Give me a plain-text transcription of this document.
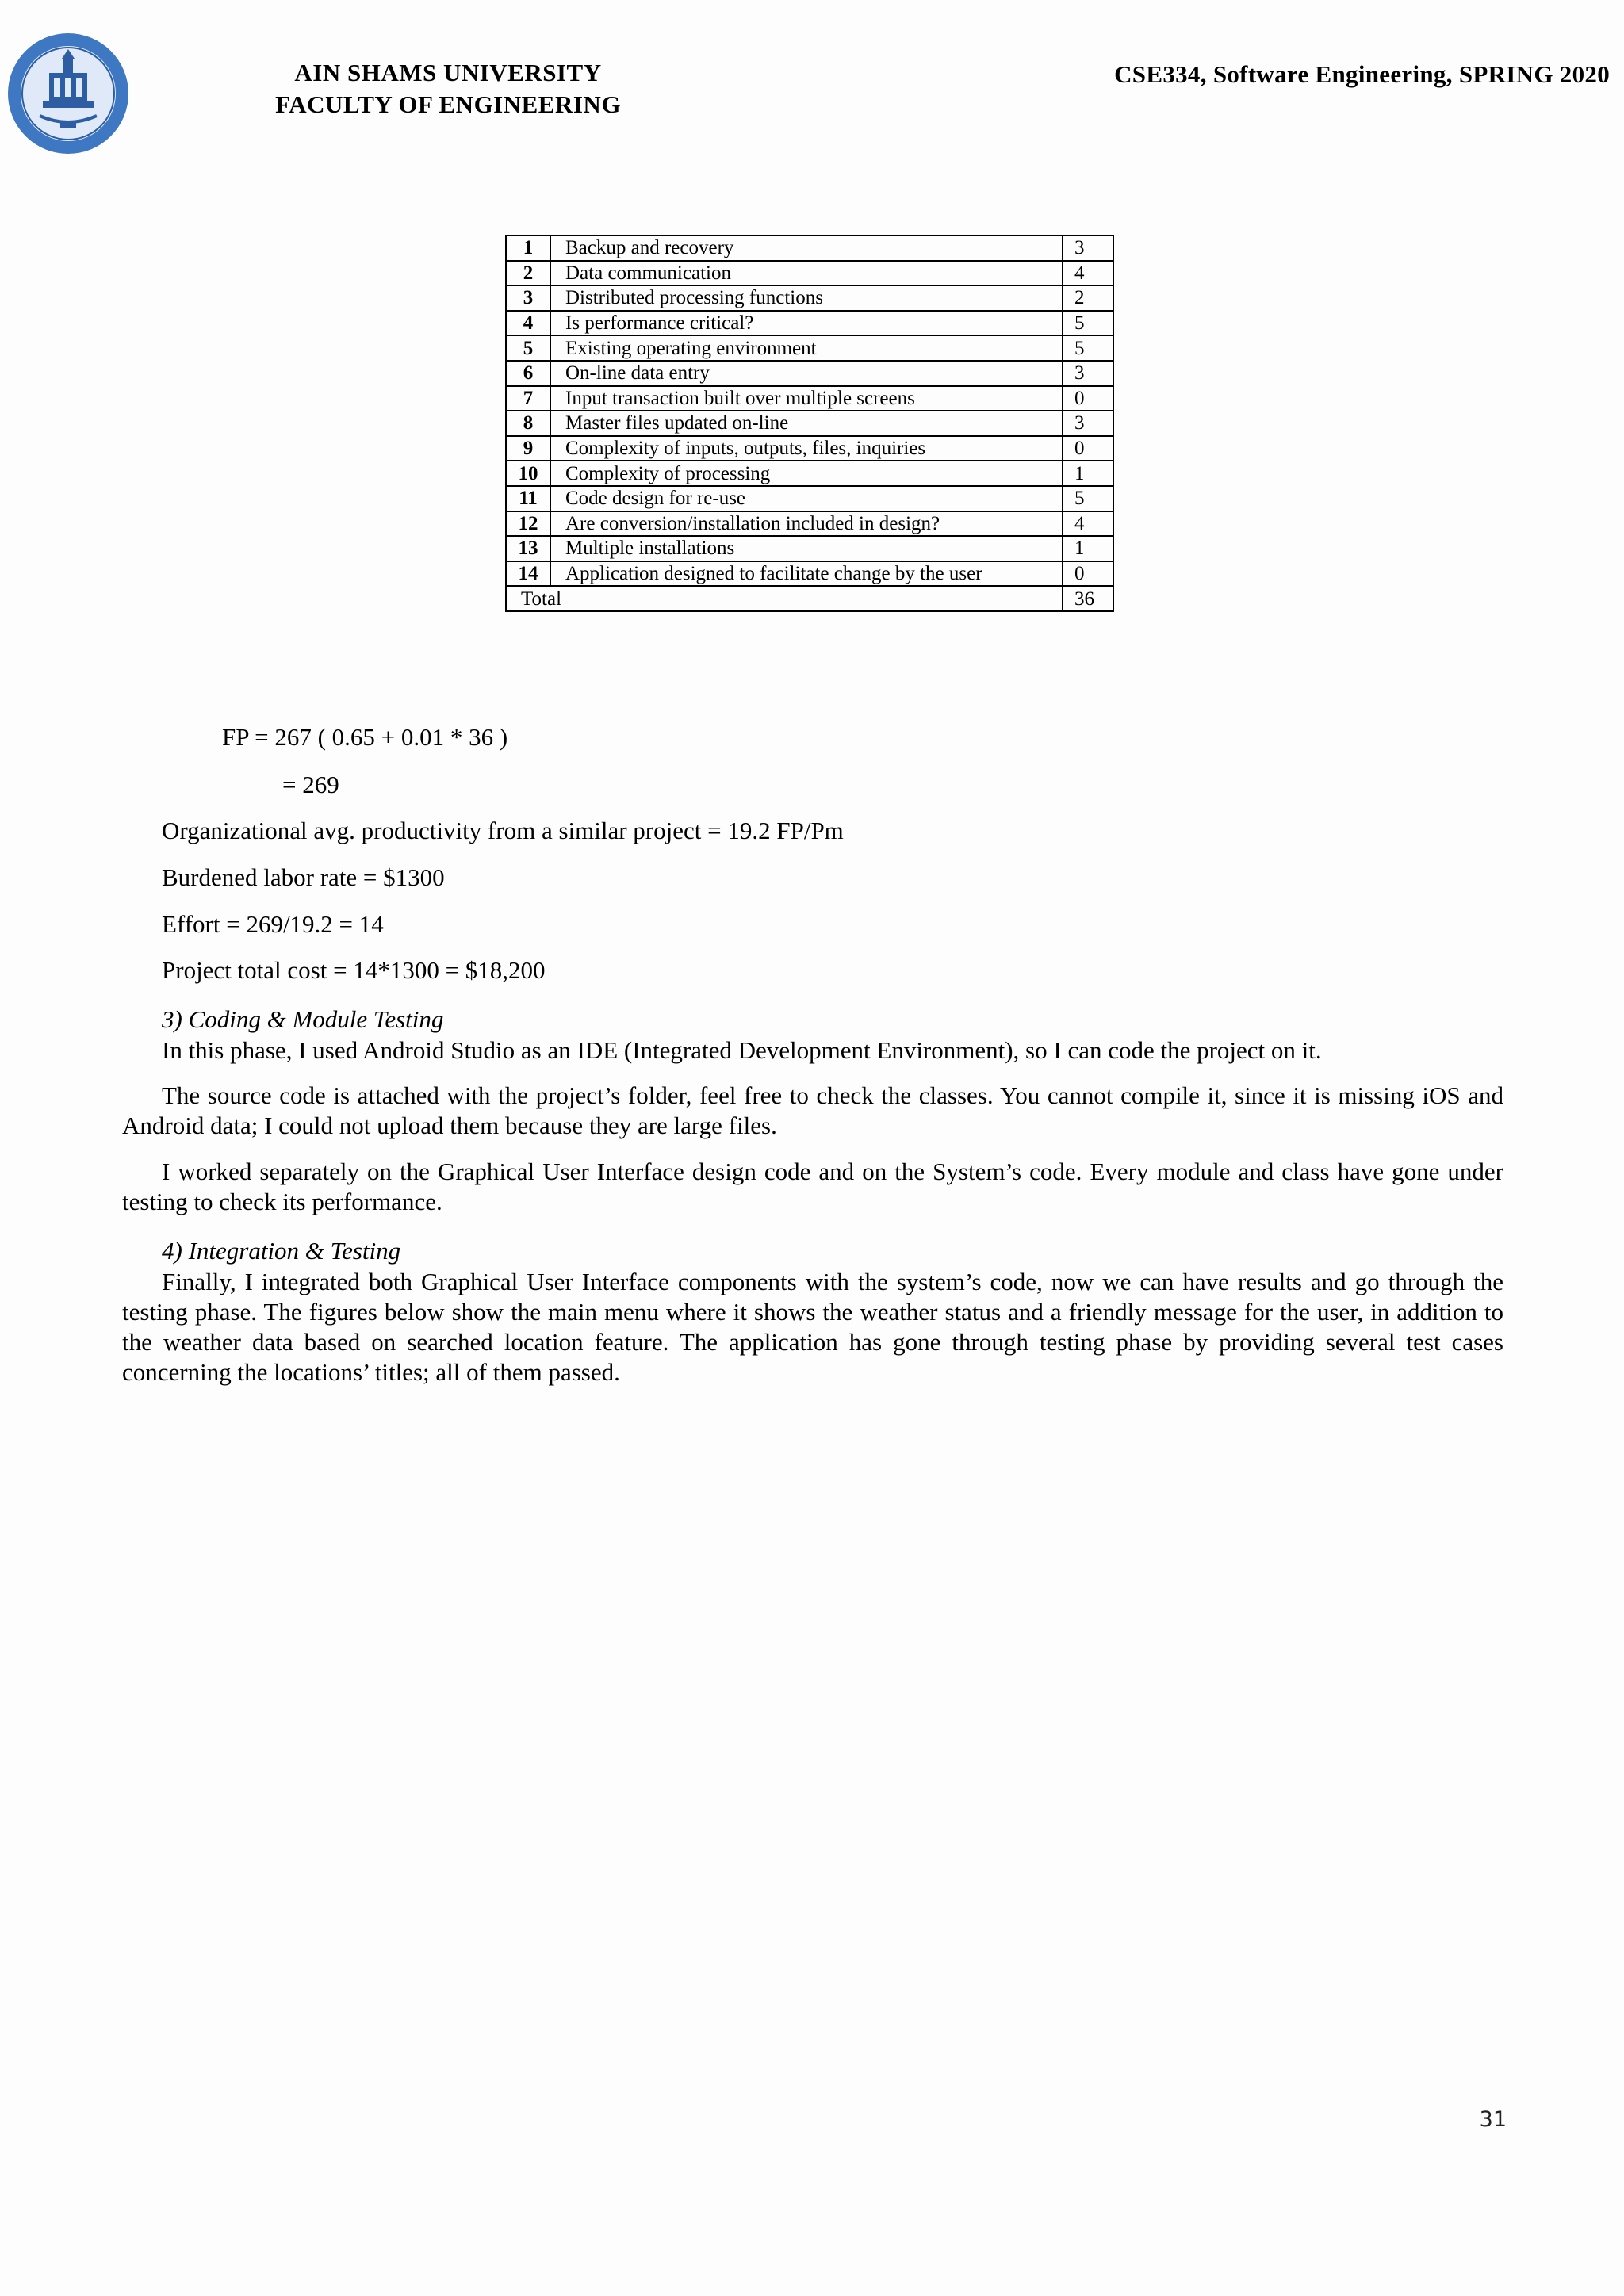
AIN SHAMS UNIVERSITY
FACULTY OF ENGINEERING
CSE334, Software Engineering, SPRING 2020
1	Backup and recovery	3
2	Data communication	4
3	Distributed processing functions	2
4	Is performance critical?	5
5	Existing operating environment	5
6	On-line data entry	3
7	Input transaction built over multiple screens	0
8	Master files updated on-line	3
9	Complexity of inputs, outputs, files, inquiries	0
10	Complexity of processing	1
11	Code design for re-use	5
12	Are conversion/installation included in design?	4
13	Multiple installations	1
14	Application designed to facilitate change by the user	0
Total		36
FP = 267 ( 0.65 + 0.01 * 36 )
= 269
Organizational avg. productivity from a similar project = 19.2 FP/Pm
Burdened labor rate = $1300
Effort = 269/19.2 = 14
Project total cost = 14*1300 = $18,200
3) Coding & Module Testing
In this phase, I used Android Studio as an IDE (Integrated Development Environment), so I can code the project on it.
The source code is attached with the project’s folder, feel free to check the classes. You cannot compile it, since it is missing iOS and Android data; I could not upload them because they are large files.
I worked separately on the Graphical User Interface design code and on the System’s code. Every module and class have gone under testing to check its performance.
4) Integration & Testing
Finally, I integrated both Graphical User Interface components with the system’s code, now we can have results and go through the testing phase. The figures below show the main menu where it shows the weather status and a friendly message for the user, in addition to the weather data based on searched location feature. The application has gone through testing phase by providing several test cases concerning the locations’ titles; all of them passed.
31
